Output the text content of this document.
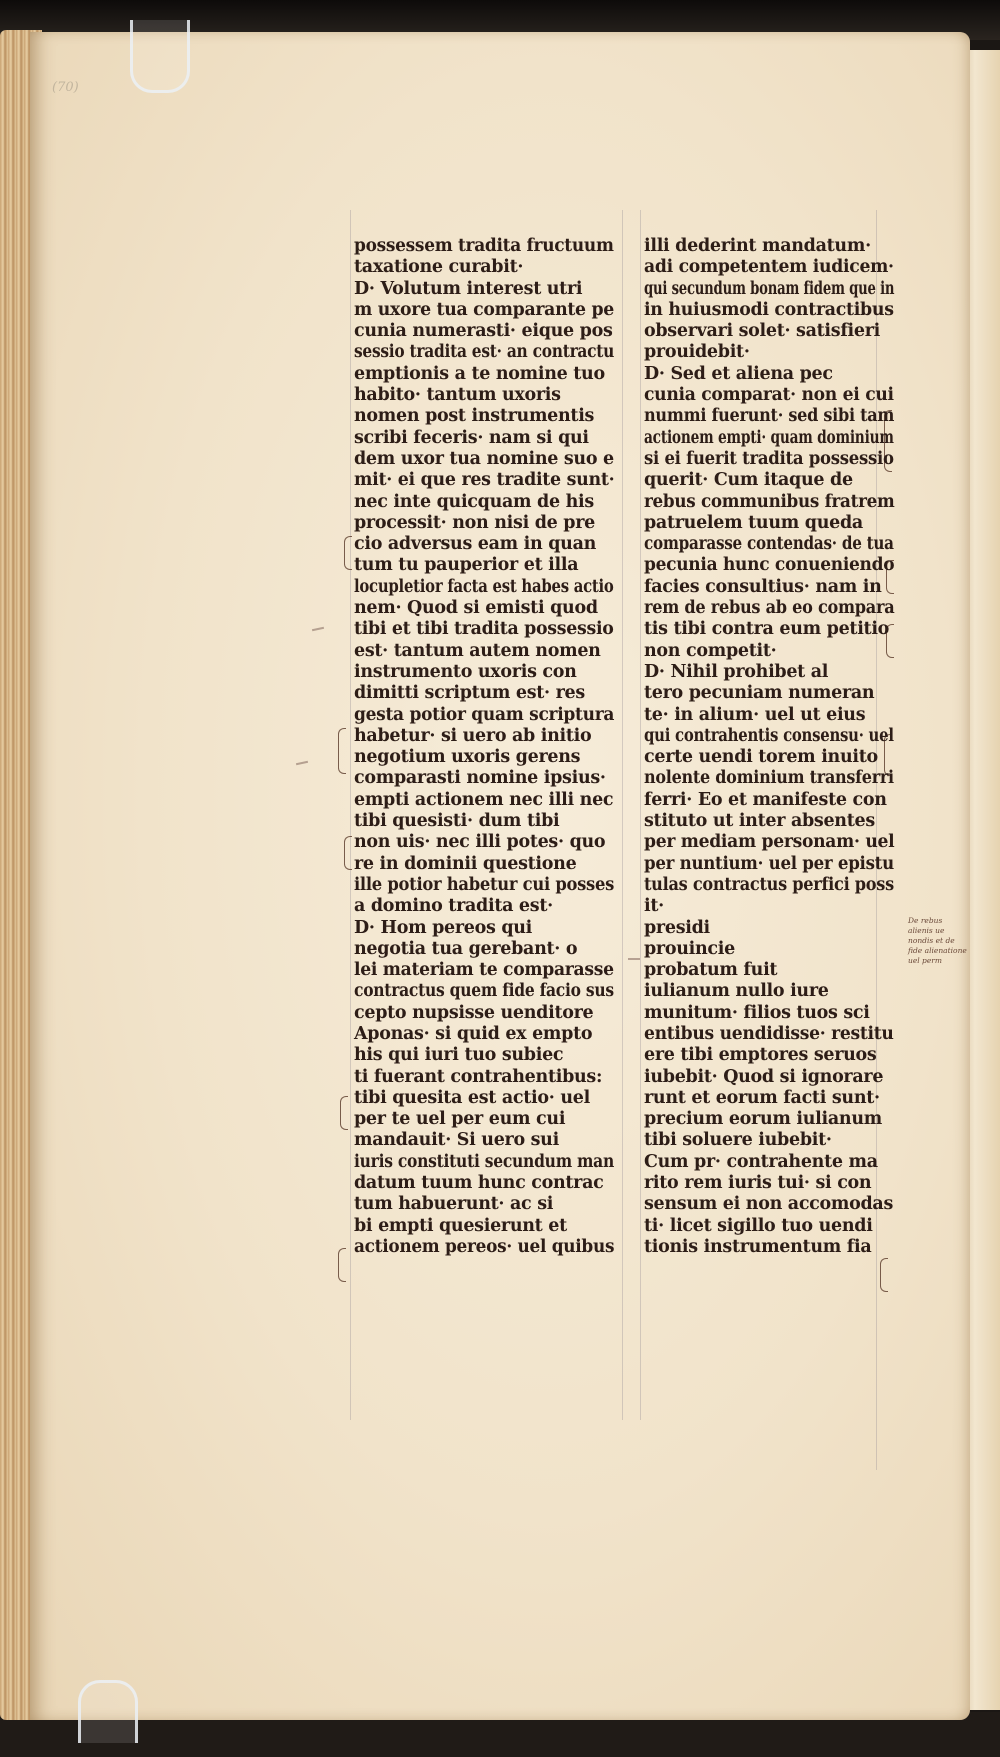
(70)
possessem tradita fructuum
taxatione curabit·
D· Volutum interest utri
m uxore tua comparante pe
cunia numerasti· eique pos
sessio tradita est· an contractu
emptionis a te nomine tuo
habito· tantum uxoris
nomen post instrumentis
scribi feceris· nam si qui
dem uxor tua nomine suo e
mit· ei que res tradite sunt·
nec inte quicquam de his
processit· non nisi de pre
cio adversus eam in quan
tum tu pauperior et illa
locupletior facta est habes actio
nem· Quod si emisti quod
tibi et tibi tradita possessio
est· tantum autem nomen
instrumento uxoris con
dimitti scriptum est· res
gesta potior quam scriptura
habetur· si uero ab initio
negotium uxoris gerens
comparasti nomine ipsius·
empti actionem nec illi nec
tibi quesisti· dum tibi
non uis· nec illi potes· quo
re in dominii questione
ille potior habetur cui posses
a domino tradita est·
D· Hom pereos qui
negotia tua gerebant· o
lei materiam te comparasse
contractus quem fide facio sus
cepto nupsisse uenditore
Aponas· si quid ex empto
his qui iuri tuo subiec
ti fuerant contrahentibus:
tibi quesita est actio· uel
per te uel per eum cui
mandauit· Si uero sui
iuris constituti secundum man
datum tuum hunc contrac
tum habuerunt· ac si
bi empti quesierunt et
actionem pereos· uel quibus
illi dederint mandatum·
adi competentem iudicem·
qui secundum bonam fidem que in
in huiusmodi contractibus
observari solet· satisfieri
prouidebit·
D· Sed et aliena pec
cunia comparat· non ei cui
nummi fuerunt· sed sibi tam
actionem empti· quam dominium
si ei fuerit tradita possessio
querit· Cum itaque de
rebus communibus fratrem
patruelem tuum queda
comparasse contendas· de tua
pecunia hunc conueniendo
facies consultius· nam in
rem de rebus ab eo compara
tis tibi contra eum petitio
non competit·
D· Nihil prohibet al
tero pecuniam numeran
te· in alium· uel ut eius
qui contrahentis consensu· uel
certe uendi torem inuito
nolente dominium transferri
ferri· Eo et manifeste con
stituto ut inter absentes
per mediam personam· uel
per nuntium· uel per epistu
tulas contractus perfici poss
it·
presidi
prouincie
probatum fuit
iulianum nullo iure
munitum· filios tuos sci
entibus uendidisse· restitu
ere tibi emptores seruos
iubebit· Quod si ignorare
runt et eorum facti sunt·
precium eorum iulianum
tibi soluere iubebit·
Cum pr· contrahente ma
rito rem iuris tui· si con
sensum ei non accomodas
ti· licet sigillo tuo uendi
tionis instrumentum fia
De rebus alienis ue nondis et de fide alienatione uel perm
